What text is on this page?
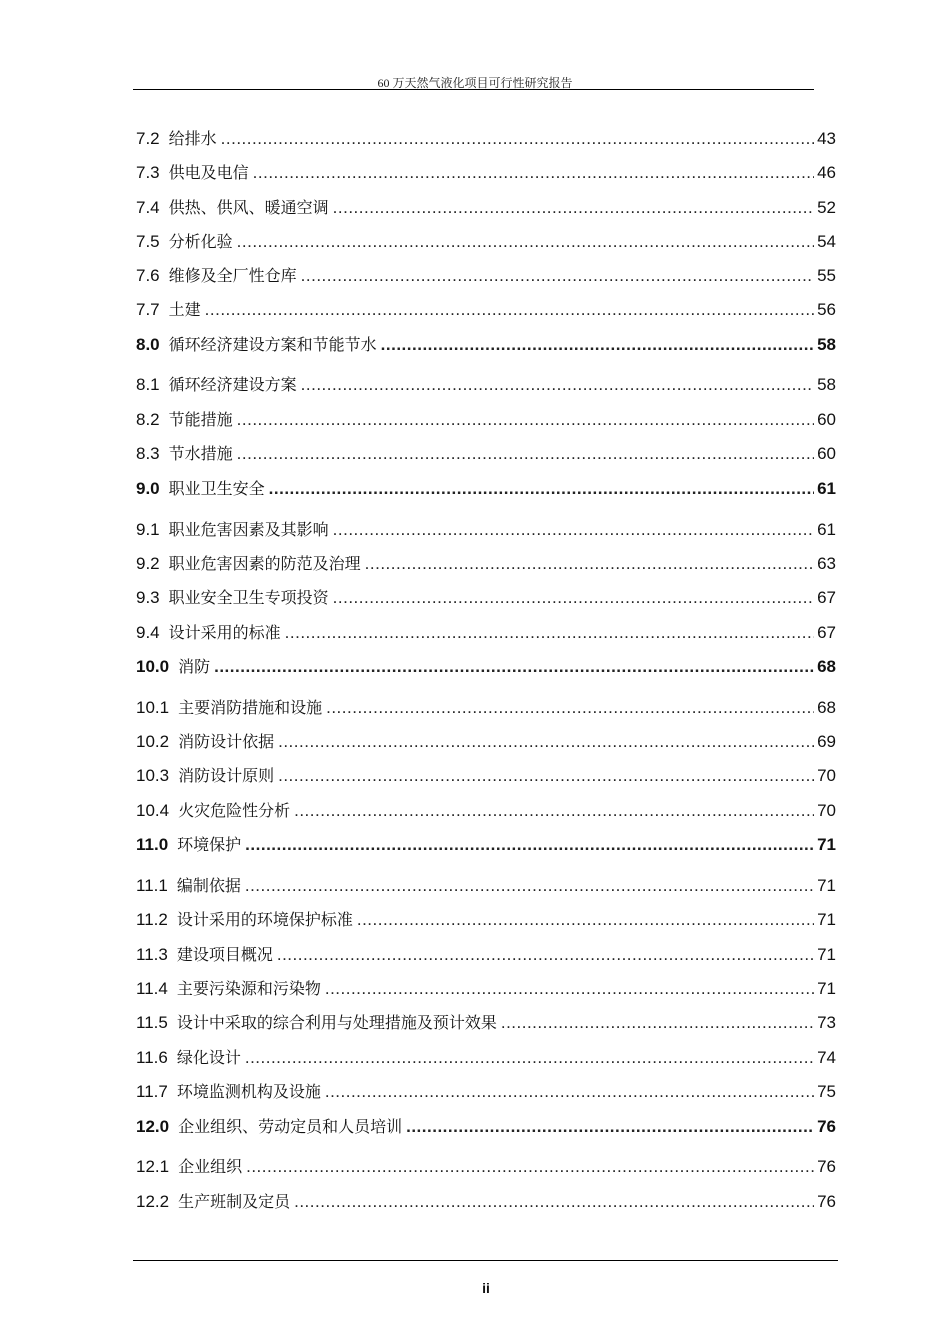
60 万天然气液化项目可行性研究报告
7.2 给排水 .....	43
7.3 供电及电信 .....	46
7.4 供热、供风、暖通空调 .....	52
7.5 分析化验 .....	54
7.6 维修及全厂性仓库 .....	55
7.7 土建 .....	56
8.0 循环经济建设方案和节能节水 .....	58
8.1 循环经济建设方案 .....	58
8.2 节能措施 .....	60
8.3 节水措施 .....	60
9.0 职业卫生安全 .....	61
9.1 职业危害因素及其影响 .....	61
9.2 职业危害因素的防范及治理 .....	63
9.3 职业安全卫生专项投资 .....	67
9.4 设计采用的标准 .....	67
10.0 消防 .....	68
10.1 主要消防措施和设施 .....	68
10.2 消防设计依据 .....	69
10.3 消防设计原则 .....	70
10.4 火灾危险性分析 .....	70
11.0 环境保护 .....	71
11.1 编制依据 .....	71
11.2 设计采用的环境保护标准 .....	71
11.3 建设项目概况 .....	71
11.4 主要污染源和污染物 .....	71
11.5 设计中采取的综合利用与处理措施及预计效果 .....	73
11.6 绿化设计 .....	74
11.7 环境监测机构及设施 .....	75
12.0 企业组织、劳动定员和人员培训 .....	76
12.1 企业组织 .....	76
12.2 生产班制及定员 .....	76
ii
